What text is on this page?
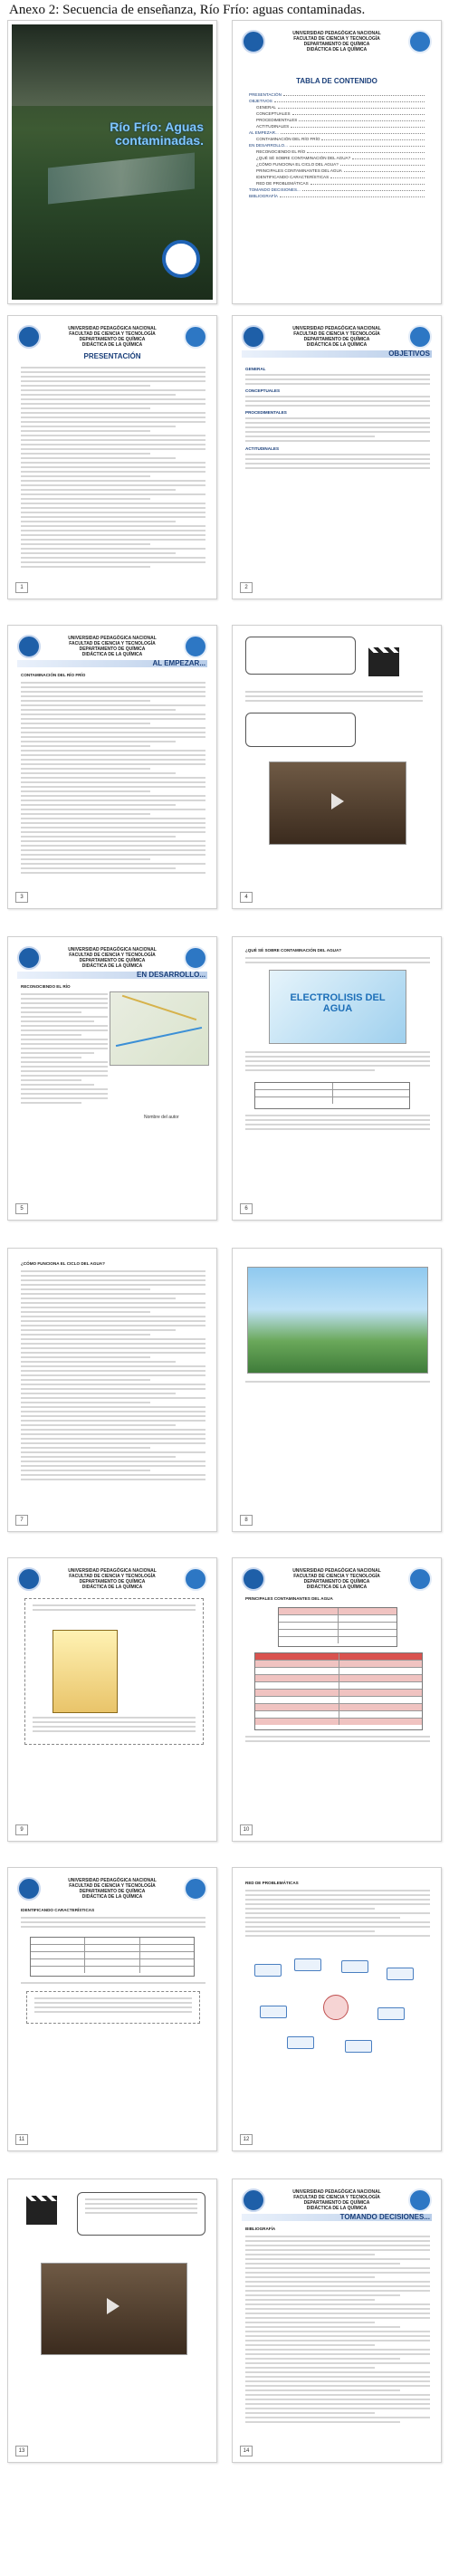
Anexo 2: Secuencia de enseñanza, Río Frío: aguas contaminadas.
Río Frío: Aguas contaminadas.
UNIVERSIDAD PEDAGÓGICA NACIONAL
FACULTAD DE CIENCIA Y TECNOLOGÍA
DEPARTAMENTO DE QUÍMICA
DIDÁCTICA DE LA QUÍMICA
TABLA DE CONTENIDO
PRESENTACIÓN
OBJETIVOS
GENERAL
CONCEPTUALES
PROCEDIMENTALES
ACTITUDINALES
AL EMPEZAR...
CONTAMINACIÓN DEL RÍO FRÍO
EN DESARROLLO...
RECONOCIENDO EL RÍO
¿QUÉ SÉ SOBRE CONTAMINACIÓN DEL AGUA?
¿CÓMO FUNCIONA EL CICLO DEL AGUA?
PRINCIPALES CONTAMINANTES DEL AGUA
IDENTIFICANDO CARACTERÍSTICAS
RED DE PROBLEMÁTICAS
TOMANDO DECISIONES...
BIBLIOGRAFÍA
UNIVERSIDAD PEDAGÓGICA NACIONAL
FACULTAD DE CIENCIA Y TECNOLOGÍA
DEPARTAMENTO DE QUÍMICA
DIDÁCTICA DE LA QUÍMICA
PRESENTACIÓN
1
UNIVERSIDAD PEDAGÓGICA NACIONAL
FACULTAD DE CIENCIA Y TECNOLOGÍA
DEPARTAMENTO DE QUÍMICA
DIDÁCTICA DE LA QUÍMICA
OBJETIVOS
GENERAL
CONCEPTUALES
PROCEDIMENTALES
ACTITUDINALES
2
UNIVERSIDAD PEDAGÓGICA NACIONAL
FACULTAD DE CIENCIA Y TECNOLOGÍA
DEPARTAMENTO DE QUÍMICA
DIDÁCTICA DE LA QUÍMICA
AL EMPEZAR...
CONTAMINACIÓN DEL RÍO FRÍO
3	4
UNIVERSIDAD PEDAGÓGICA NACIONAL
FACULTAD DE CIENCIA Y TECNOLOGÍA
DEPARTAMENTO DE QUÍMICA
DIDÁCTICA DE LA QUÍMICA
EN DESARROLLO...
RECONOCIENDO EL RÍO
Nombre del autor
5
¿QUÉ SÉ SOBRE CONTAMINACIÓN DEL AGUA?
ELECTROLISIS DEL AGUA
6
¿CÓMO FUNCIONA EL CICLO DEL AGUA?
7	8
UNIVERSIDAD PEDAGÓGICA NACIONAL
FACULTAD DE CIENCIA Y TECNOLOGÍA
DEPARTAMENTO DE QUÍMICA
DIDÁCTICA DE LA QUÍMICA
9
UNIVERSIDAD PEDAGÓGICA NACIONAL
FACULTAD DE CIENCIA Y TECNOLOGÍA
DEPARTAMENTO DE QUÍMICA
DIDÁCTICA DE LA QUÍMICA
PRINCIPALES CONTAMINANTES DEL AGUA
10
UNIVERSIDAD PEDAGÓGICA NACIONAL
FACULTAD DE CIENCIA Y TECNOLOGÍA
DEPARTAMENTO DE QUÍMICA
DIDÁCTICA DE LA QUÍMICA
IDENTIFICANDO CARACTERÍSTICAS
11
RED DE PROBLEMÁTICAS
12
13
UNIVERSIDAD PEDAGÓGICA NACIONAL
FACULTAD DE CIENCIA Y TECNOLOGÍA
DEPARTAMENTO DE QUÍMICA
DIDÁCTICA DE LA QUÍMICA
TOMANDO DECISIONES...
BIBLIOGRAFÍA
14
